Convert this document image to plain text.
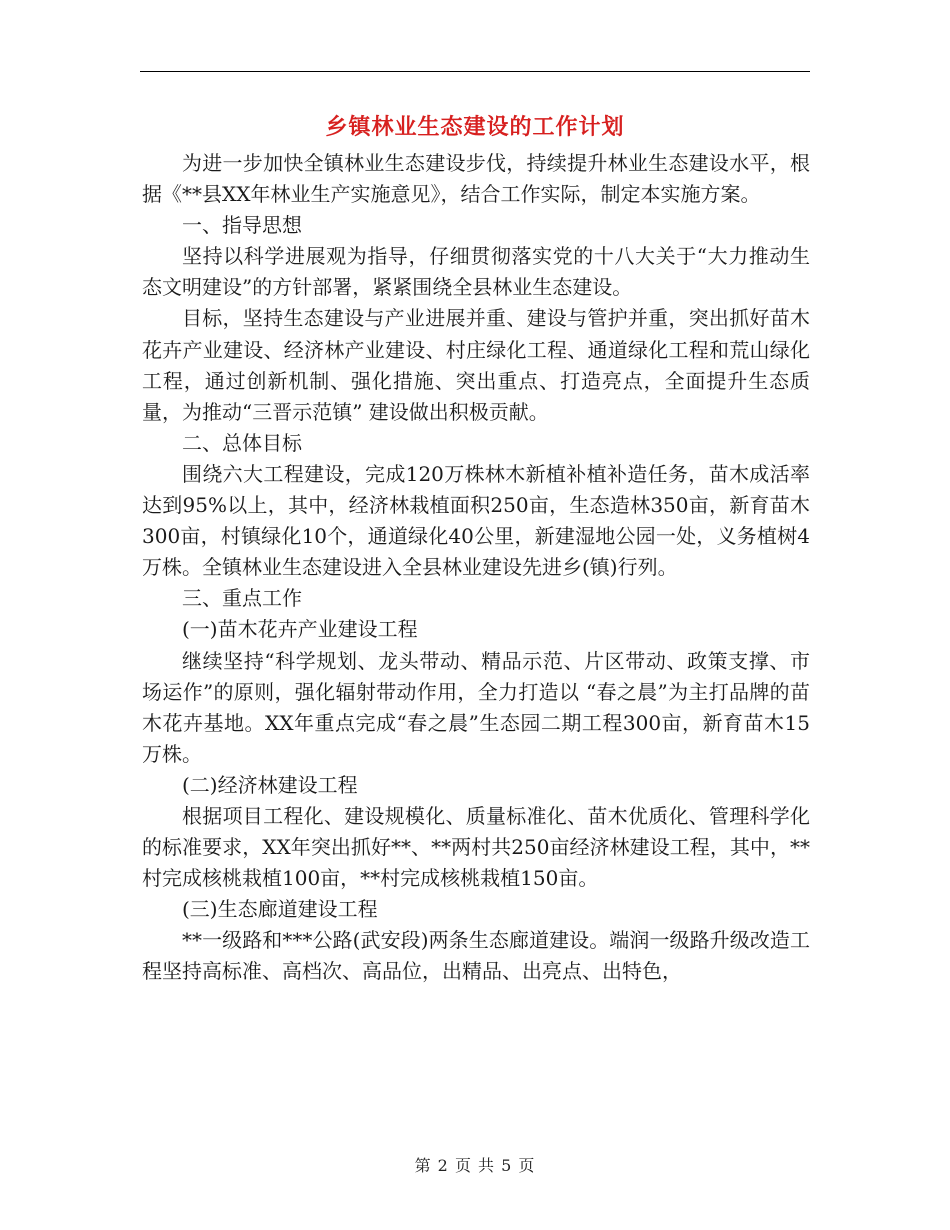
乡镇林业生态建设的工作计划

为进一步加快全镇林业生态建设步伐，持续提升林业生态建设水平，根据《**县XX年林业生产实施意见》，结合工作实际，制定本实施方案。

一、指导思想

坚持以科学进展观为指导，仔细贯彻落实党的十八大关于“大力推动生态文明建设”的方针部署，紧紧围绕全县林业生态建设。

目标，坚持生态建设与产业进展并重、建设与管护并重，突出抓好苗木花卉产业建设、经济林产业建设、村庄绿化工程、通道绿化工程和荒山绿化工程，通过创新机制、强化措施、突出重点、打造亮点，全面提升生态质量，为推动“三晋示范镇” 建设做出积极贡献。

二、总体目标

围绕六大工程建设，完成120万株林木新植补植补造任务，苗木成活率达到95%以上，其中，经济林栽植面积250亩，生态造林350亩，新育苗木300亩，村镇绿化10个，通道绿化40公里，新建湿地公园一处，义务植树4万株。全镇林业生态建设进入全县林业建设先进乡(镇)行列。

三、重点工作

(一)苗木花卉产业建设工程

继续坚持“科学规划、龙头带动、精品示范、片区带动、政策支撑、市场运作”的原则，强化辐射带动作用，全力打造以 “春之晨”为主打品牌的苗木花卉基地。XX年重点完成“春之晨”生态园二期工程300亩，新育苗木15万株。

(二)经济林建设工程

根据项目工程化、建设规模化、质量标准化、苗木优质化、管理科学化的标准要求，XX年突出抓好**、**两村共250亩经济林建设工程，其中，**村完成核桃栽植100亩，**村完成核桃栽植150亩。

(三)生态廊道建设工程

**一级路和***公路(武安段)两条生态廊道建设。端润一级路升级改造工程坚持高标准、高档次、高品位，出精品、出亮点、出特色，

第 2 页 共 5 页
